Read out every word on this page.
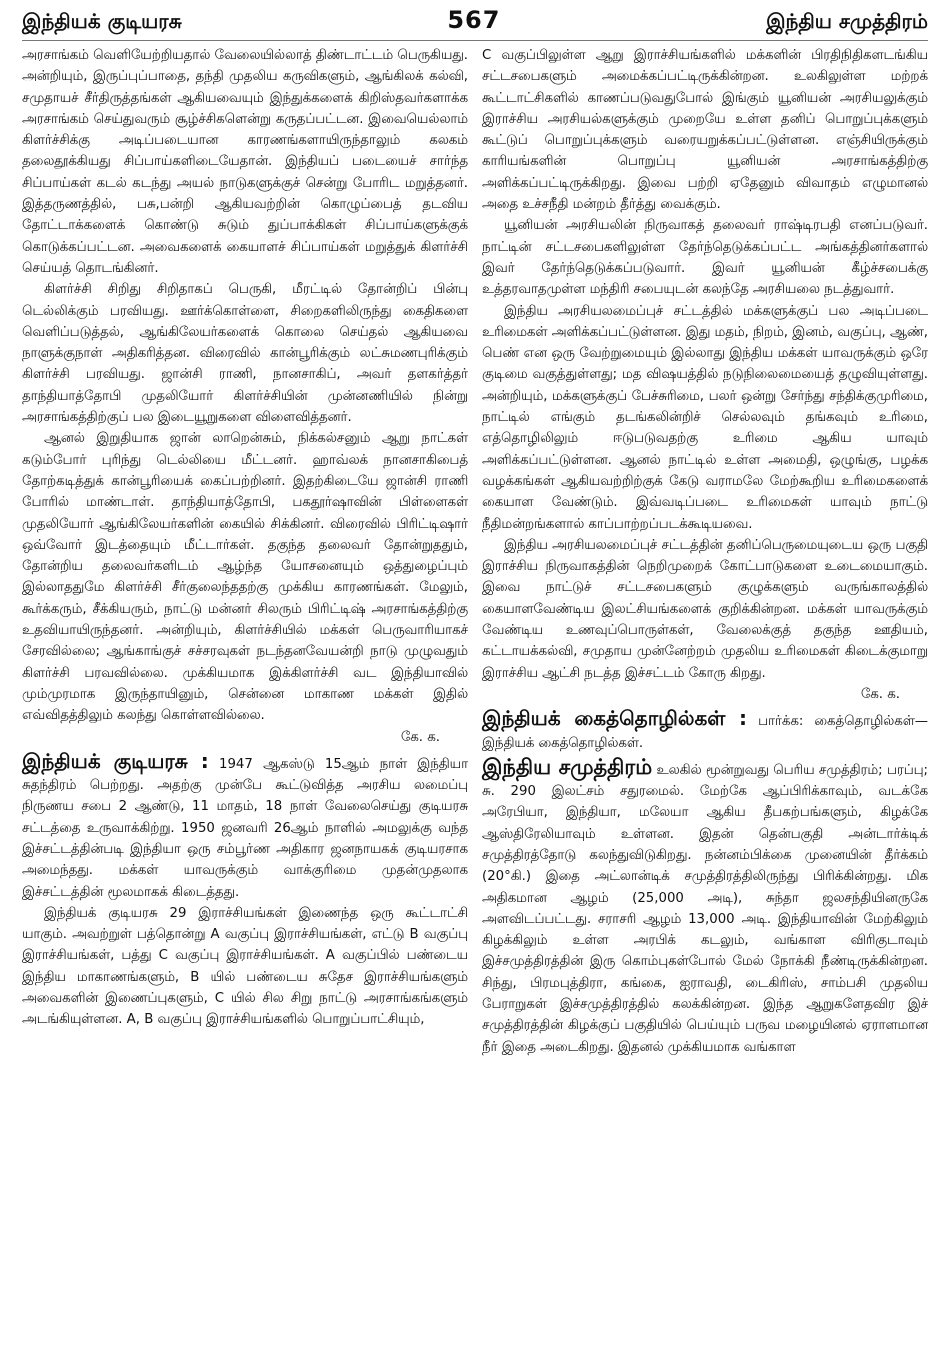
இந்தியக் குடியரசு	567	இந்திய சமுத்திரம்

அரசாங்கம் வெளியேற்றியதால் வேலையில்லாத் திண்டாட்டம் பெருகியது. அன்றியும், இருப்புப்பாதை, தந்தி முதலிய கருவிகளும், ஆங்கிலக் கல்வி, சமுதாயச் சீர்திருத்தங்கள் ஆகியவையும் இந்துக்களைக் கிறிஸ்தவர்களாக்க அரசாங்கம் செய்துவரும் சூழ்ச்சிகளென்று கருதப்பட்டன. இவையெல்லாம் கிளர்ச்சிக்கு அடிப்படையான காரணங்களாயிருந்தாலும் கலகம் தலைதூக்கியது சிப்பாய்களிடையேதான். இந்தியப் படையைச் சார்ந்த சிப்பாய்கள் கடல் கடந்து அயல் நாடுகளுக்குச் சென்று போரிட மறுத்தனர். இத்தருணத்தில், பசு,பன்றி ஆகியவற்றின் கொழுப்பைத் தடவிய தோட்டாக்களைக் கொண்டு சுடும் துப்பாக்கிகள் சிப்பாய்களுக்குக் கொடுக்கப்பட்டன. அவைகளைக் கையாளச் சிப்பாய்கள் மறுத்துக் கிளர்ச்சி செய்யத் தொடங்கினர்.

கிளர்ச்சி சிறிது சிறிதாகப் பெருகி, மீரட்டில் தோன்றிப் பின்பு டெல்லிக்கும் பரவியது. ஊர்க்கொள்ளை, சிறைகளிலிருந்து கைதிகளை வெளிப்படுத்தல், ஆங்கிலேயர்களைக் கொலை செய்தல் ஆகியவை நாளுக்குநாள் அதிகரித்தன. விரைவில் கான்பூரிக்கும் லட்சுமணபுரிக்கும் கிளர்ச்சி பரவியது. ஜான்சி ராணி, நானசாகிப், அவர் தளகர்த்தர் தாந்தியாத்தோபி முதலியோர் கிளர்ச்சியின் முன்னணியில் நின்று அரசாங்கத்திற்குப் பல இடையூறுகளை விளைவித்தனர்.

ஆனல் இறுதியாக ஜான் லாறென்சும், நிக்கல்சனும் ஆறு நாட்கள் கடும்போர் புரிந்து டெல்லியை மீட்டனர். ஹாவ்லக் நானசாகிபைத் தோற்கடித்துக் கான்பூரியைக் கைப்பற்றினர். இதற்கிடையே ஜான்சி ராணி போரில் மாண்டாள். தாந்தியாத்தோபி, பகதூர்ஷாவின் பிள்ளைகள் முதலியோர் ஆங்கிலேயர்களின் கையில் சிக்கினர். விரைவில் பிரிட்டிஷார் ஒவ்வோர் இடத்தையும் மீட்டார்கள். தகுந்த தலைவர் தோன்றுததும், தோன்றிய தலைவர்களிடம் ஆழ்ந்த யோசனையும் ஒத்துழைப்பும் இல்லாததுமே கிளர்ச்சி சீர்குலைந்ததற்கு முக்கிய காரணங்கள். மேலும், கூர்க்கரும், சீக்கியரும், நாட்டு மன்னர் சிலரும் பிரிட்டிஷ் அரசாங்கத்திற்கு உதவியாயிருந்தனர். அன்றியும், கிளர்ச்சியில் மக்கள் பெருவாரியாகச் சேரவில்லை; ஆங்காங்குச் சச்சரவுகள் நடந்தனவேயன்றி நாடு முழுவதும் கிளர்ச்சி பரவவில்லை. முக்கியமாக இக்கிளர்ச்சி வட இந்தியாவில் மும்முரமாக இருந்தாயினும், சென்னை மாகாண மக்கள் இதில் எவ்விதத்திலும் கலந்து கொள்ளவில்லை.

கே. க.

இந்தியக் குடியரசு : 1947 ஆகஸ்டு 15ஆம் நாள் இந்தியா சுதந்திரம் பெற்றது. அதற்கு முன்பே கூட்டுவித்த அரசிய லமைப்பு நிருணய சபை 2 ஆண்டு, 11 மாதம், 18 நாள் வேலைசெய்து குடியரசு சட்டத்தை உருவாக்கிற்று. 1950 ஜனவரி 26ஆம் நாளில் அமலுக்கு வந்த இச்சட்டத்தின்படி இந்தியா ஒரு சம்பூர்ண அதிகார ஜனநாயகக் குடியரசாக அமைந்தது. மக்கள் யாவருக்கும் வாக்குரிமை முதன்முதலாக இச்சட்டத்தின் மூலமாகக் கிடைத்தது.

இந்தியக் குடியரசு 29 இராச்சியங்கள் இணைந்த ஒரு கூட்டாட்சி யாகும். அவற்றுள் பத்தொன்று A வகுப்பு இராச்சியங்கள், எட்டு B வகுப்பு இராச்சியங்கள், பத்து C வகுப்பு இராச்சியங்கள். A வகுப்பில் பண்டைய இந்திய மாகாணங்களும், B யில் பண்டைய சுதேச இராச்சியங்களும் அவைகளின் இணைப்புகளும், C யில் சில சிறு நாட்டு அரசாங்கங்களும் அடங்கியுள்ளன. A, B வகுப்பு இராச்சியங்களில் பொறுப்பாட்சியும்,

C வகுப்பிலுள்ள ஆறு இராச்சியங்களில் மக்களின் பிரதிநிதிகளடங்கிய சட்டசபைகளும் அமைக்கப்பட்டிருக்கின்றன. உலகிலுள்ள மற்றக் கூட்டாட்சிகளில் காணப்படுவதுபோல் இங்கும் யூனியன் அரசியலுக்கும் இராச்சிய அரசியல்களுக்கும் முறையே உள்ள தனிப் பொறுப்புக்களும் கூட்டுப் பொறுப்புக்களும் வரையறுக்கப்பட்டுள்ளன. எஞ்சியிருக்கும் காரியங்களின் பொறுப்பு யூனியன் அரசாங்கத்திற்கு அளிக்கப்பட்டிருக்கிறது. இவை பற்றி ஏதேனும் விவாதம் எழுமானல் அதை உச்சநீதி மன்றம் தீர்த்து வைக்கும்.

யூனியன் அரசியலின் நிருவாகத் தலைவர் ராஷ்டிரபதி எனப்படுவர். நாட்டின் சட்டசபைகளிலுள்ள தேர்ந்தெடுக்கப்பட்ட அங்கத்தினர்களால் இவர் தேர்ந்தெடுக்கப்படுவார். இவர் யூனியன் கீழ்ச்சபைக்கு உத்தரவாதமுள்ள மந்திரி சபையுடன் கலந்தே அரசியலை நடத்துவார்.

இந்திய அரசியலமைப்புச் சட்டத்தில் மக்களுக்குப் பல அடிப்படை உரிமைகள் அளிக்கப்பட்டுள்ளன. இது மதம், நிறம், இனம், வகுப்பு, ஆண், பெண் என ஒரு வேற்றுமையும் இல்லாது இந்திய மக்கள் யாவருக்கும் ஒரே குடிமை வகுத்துள்ளது; மத விஷயத்தில் நடுநிலைமையைத் தழுவியுள்ளது. அன்றியும், மக்களுக்குப் பேச்சுரிமை, பலர் ஒன்று சேர்ந்து சந்திக்குமுரிமை, நாட்டில் எங்கும் தடங்கலின்றிச் செல்லவும் தங்கவும் உரிமை, எத்தொழிலிலும் ஈடுபடுவதற்கு உரிமை ஆகிய யாவும் அளிக்கப்பட்டுள்ளன. ஆனல் நாட்டில் உள்ள அமைதி, ஒழுங்கு, பழக்க வழக்கங்கள் ஆகியவற்றிற்குக் கேடு வராமலே மேற்கூறிய உரிமைகளைக் கையாள வேண்டும். இவ்வடிப்படை உரிமைகள் யாவும் நாட்டு நீதிமன்றங்களால் காப்பாற்றப்படக்கூடியவை.

இந்திய அரசியலமைப்புச் சட்டத்தின் தனிப்பெருமையுடைய ஒரு பகுதி இராச்சிய நிருவாகத்தின் நெறிமுறைக் கோட்பாடுகளை உடைமையாகும். இவை நாட்டுச் சட்டசபைகளும் குழுக்களும் வருங்காலத்தில் கையாளவேண்டிய இலட்சியங்களைக் குறிக்கின்றன. மக்கள் யாவருக்கும் வேண்டிய உணவுப்பொருள்கள், வேலைக்குத் தகுந்த ஊதியம், கட்டாயக்கல்வி, சமுதாய முன்னேற்றம் முதலிய உரிமைகள் கிடைக்குமாறு இராச்சிய ஆட்சி நடத்த இச்சட்டம் கோரு கிறது.

கே. க.

இந்தியக் கைத்தொழில்கள் : பார்க்க: கைத்தொழில்கள்—இந்தியக் கைத்தொழில்கள்.

இந்திய சமுத்திரம் உலகில் மூன்றுவது பெரிய சமுத்திரம்; பரப்பு; சு. 290 இலட்சம் சதுரமைல். மேற்கே ஆப்பிரிக்காவும், வடக்கே அரேபியா, இந்தியா, மலேயா ஆகிய தீபகற்பங்களும், கிழக்கே ஆஸ்திரேலியாவும் உள்ளன. இதன் தென்பகுதி அன்டார்க்டிக் சமுத்திரத்தோடு கலந்துவிடுகிறது. நன்னம்பிக்கை முனையின் தீர்க்கம் (20°கி.) இதை அட்லான்டிக் சமுத்திரத்திலிருந்து பிரிக்கின்றது. மிக அதிகமான ஆழம் (25,000 அடி), சுந்தா ஜலசந்தியினருகே அளவிடப்பட்டது. சராசரி ஆழம் 13,000 அடி. இந்தியாவின் மேற்கிலும் கிழக்கிலும் உள்ள அரபிக் கடலும், வங்காள விரிகுடாவும் இச்சமுத்திரத்தின் இரு கொம்புகள்போல் மேல் நோக்கி நீண்டிருக்கின்றன. சிந்து, பிரமபுத்திரா, கங்கை, ஐராவதி, டைகிரிஸ், சாம்பசி முதலிய பேராறுகள் இச்சமுத்திரத்தில் கலக்கின்றன. இந்த ஆறுகளேதவிர இச் சமுத்திரத்தின் கிழக்குப் பகுதியில் பெய்யும் பருவ மழையினல் ஏராளமான நீர் இதை அடைகிறது. இதனல் முக்கியமாக வங்காள
